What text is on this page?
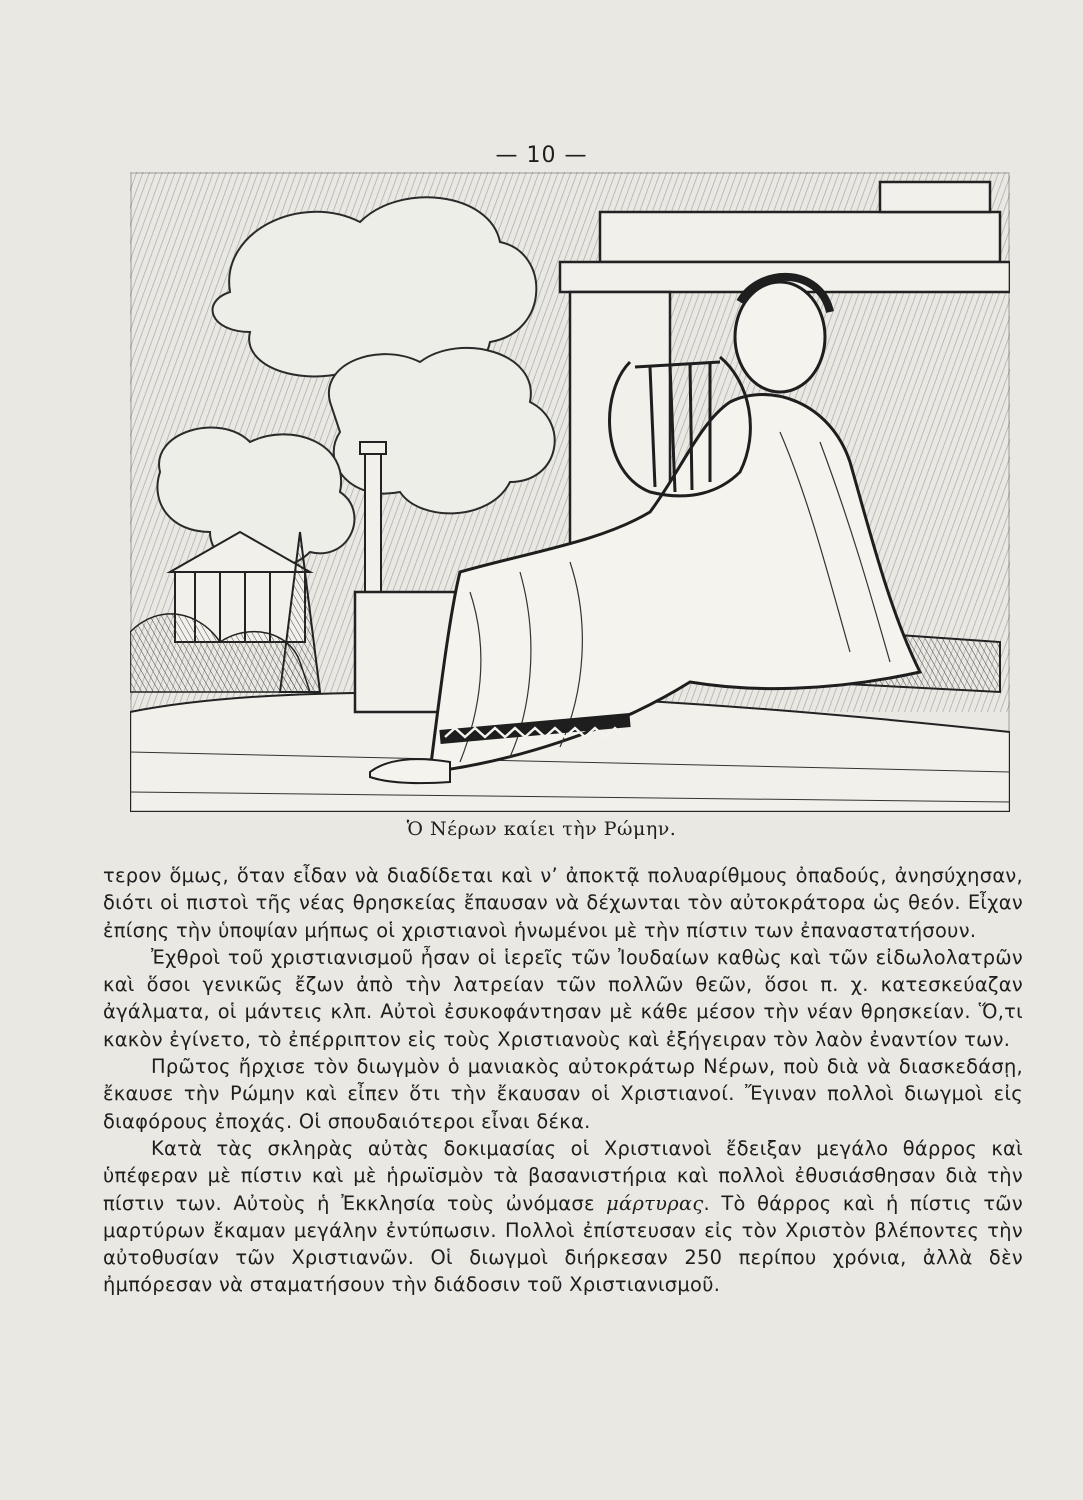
— 10 —
Ὁ Νέρων καίει τὴν Ρώμην.

τερον ὅμως, ὅταν εἶδαν νὰ διαδίδεται καὶ ν’ ἀποκτᾷ πολυαρίθμους ὀπαδούς, ἀνησύχησαν, διότι οἱ πιστοὶ τῆς νέας θρησκείας ἔπαυσαν νὰ δέχωνται τὸν αὐτοκράτορα ὡς θεόν. Εἶχαν ἐπίσης τὴν ὑποψίαν μήπως οἱ χριστιανοὶ ἡνωμένοι μὲ τὴν πίστιν των ἐπαναστατήσουν.

Ἐχθροὶ τοῦ χριστιανισμοῦ ἦσαν οἱ ἱερεῖς τῶν Ἰουδαίων καθὼς καὶ τῶν εἰδωλολατρῶν καὶ ὅσοι γενικῶς ἔζων ἀπὸ τὴν λατρείαν τῶν πολλῶν θεῶν, ὅσοι π. χ. κατεσκεύαζαν ἀγάλματα, οἱ μάντεις κλπ. Αὐτοὶ ἐσυκοφάντησαν μὲ κάθε μέσον τὴν νέαν θρησκείαν. Ὅ,τι κακὸν ἐγίνετο, τὸ ἐπέρριπτον εἰς τοὺς Χριστιανοὺς καὶ ἐξήγειραν τὸν λαὸν ἐναντίον των.

Πρῶτος ἤρχισε τὸν διωγμὸν ὁ μανιακὸς αὐτοκράτωρ Νέρων, ποὺ διὰ νὰ διασκεδάσῃ, ἔκαυσε τὴν Ρώμην καὶ εἶπεν ὅτι τὴν ἔκαυσαν οἱ Χριστιανοί. Ἔγιναν πολλοὶ διωγμοὶ εἰς διαφόρους ἐποχάς. Οἱ σπουδαιότεροι εἶναι δέκα.

Κατὰ τὰς σκληρὰς αὐτὰς δοκιμασίας οἱ Χριστιανοὶ ἔδειξαν μεγάλο θάρρος καὶ ὑπέφεραν μὲ πίστιν καὶ μὲ ἡρωϊσμὸν τὰ βασανιστήρια καὶ πολλοὶ ἐθυσιάσθησαν διὰ τὴν πίστιν των. Αὐτοὺς ἡ Ἐκκλησία τοὺς ὠνόμασε μάρτυρας. Τὸ θάρρος καὶ ἡ πίστις τῶν μαρτύρων ἔκαμαν μεγάλην ἐντύπωσιν. Πολλοὶ ἐπίστευσαν εἰς τὸν Χριστὸν βλέποντες τὴν αὐτοθυσίαν τῶν Χριστιανῶν. Οἱ διωγμοὶ διήρκεσαν 250 περίπου χρόνια, ἀλλὰ δὲν ἠμπόρεσαν νὰ σταματήσουν τὴν διάδοσιν τοῦ Χριστιανισμοῦ.
